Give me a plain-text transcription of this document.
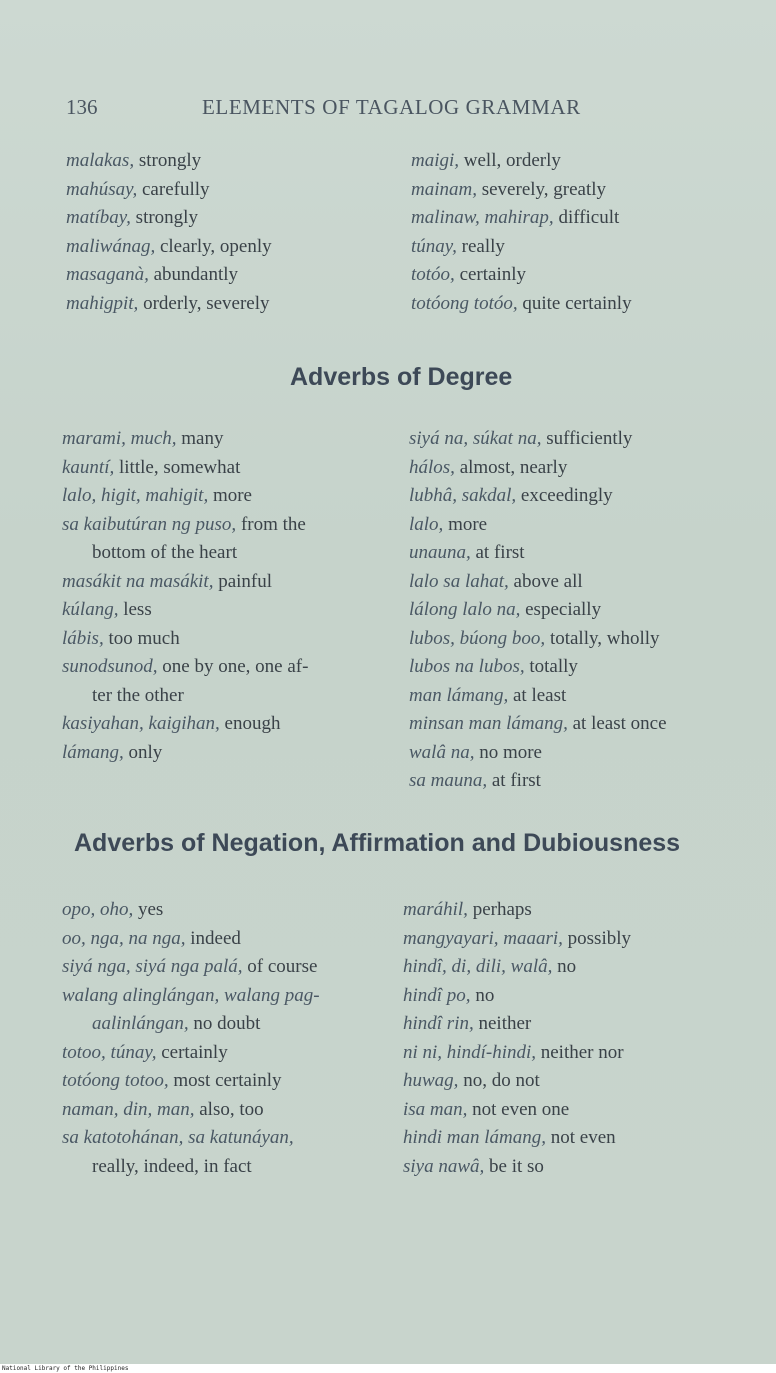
136	ELEMENTS OF TAGALOG GRAMMAR
malakas, strongly
mahúsay, carefully
matíbay, strongly
maliwánag, clearly, openly
masaganà, abundantly
mahigpit, orderly, severely
maigi, well, orderly
mainam, severely, greatly
malinaw, mahirap, difficult
túnay, really
totóo, certainly
totóong totóo, quite certainly
Adverbs of Degree
marami, much, many
kauntí, little, somewhat
lalo, higit, mahigit, more
sa kaibutúran ng puso, from the
bottom of the heart
masákit na masákit, painful
kúlang, less
lábis, too much
sunodsunod, one by one, one af-
ter the other
kasiyahan, kaigihan, enough
lámang, only
siyá na, súkat na, sufficiently
hálos, almost, nearly
lubhâ, sakdal, exceedingly
lalo, more
unauna, at first
lalo sa lahat, above all
lálong lalo na, especially
lubos, búong boo, totally, wholly
lubos na lubos, totally
man lámang, at least
minsan man lámang, at least once
walâ na, no more
sa mauna, at first
Adverbs of Negation, Affirmation and Dubiousness
opo, oho, yes
oo, nga, na nga, indeed
siyá nga, siyá nga palá, of course
walang alinglángan, walang pag-
aalinlángan, no doubt
totoo, túnay, certainly
totóong totoo, most certainly
naman, din, man, also, too
sa katotohánan, sa katunáyan,
really, indeed, in fact
maráhil, perhaps
mangyayari, maaari, possibly
hindî, di, dili, walâ, no
hindî po, no
hindî rin, neither
ni ni, hindí-hindi, neither nor
huwag, no, do not
isa man, not even one
hindi man lámang, not even
siya nawâ, be it so
National Library of the Philippines
